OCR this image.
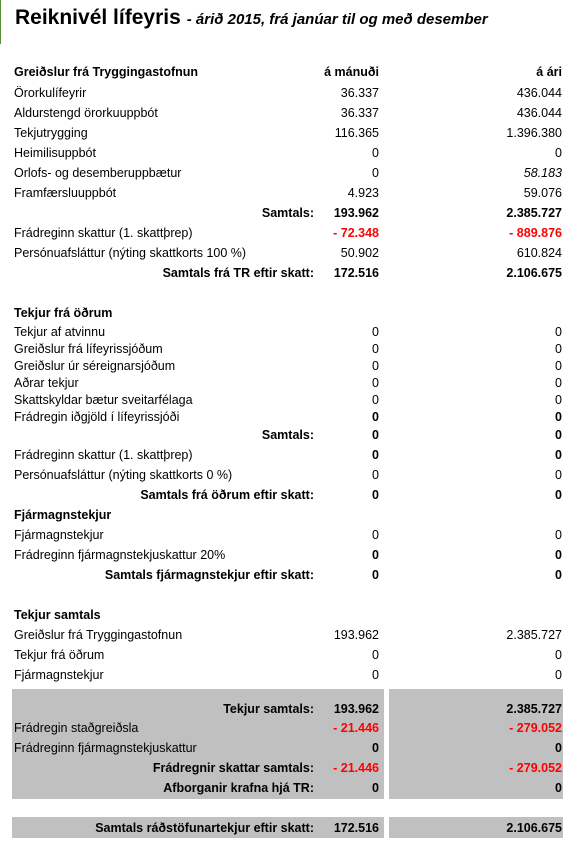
Reiknivél lífeyris - árið 2015, frá janúar til og með desember
Greiðslur frá Tryggingastofnun	á mánuði	á ári
Örorkulífeyrir	36.337	436.044
Aldurstengd örorkuuppbót	36.337	436.044
Tekjutrygging	116.365	1.396.380
Heimilisuppbót	0	0
Orlofs- og desemberuppbætur	0	58.183
Framfærsluuppbót	4.923	59.076
Samtals: 193.962	2.385.727
Frádreginn skattur (1. skattþrep)	- 72.348	- 889.876
Persónuafsláttur (nýting skattkorts 100 %)	50.902	610.824
Samtals frá TR eftir skatt: 172.516	2.106.675
Tekjur frá öðrum
Tekjur af atvinnu	0	0
Greiðslur frá lífeyrissjóðum	0	0
Greiðslur úr séreignarsjóðum	0	0
Aðrar tekjur	0	0
Skattskyldar bætur sveitarfélaga	0	0
Frádregin iðgjöld í lífeyrissjóði	0	0
Samtals:	0	0
Frádreginn skattur (1. skattþrep)	0	0
Persónuafsláttur (nýting skattkorts 0 %)	0	0
Samtals frá öðrum eftir skatt:	0	0
Fjármagnstekjur
Fjármagnstekjur	0	0
Frádreginn fjármagnstekjuskattur 20%	0	0
Samtals fjármagnstekjur eftir skatt:	0	0
Tekjur samtals
Greiðslur frá Tryggingastofnun	193.962	2.385.727
Tekjur frá öðrum	0	0
Fjármagnstekjur	0	0
Tekjur samtals: 193.962	2.385.727
Frádregin staðgreiðsla	- 21.446	- 279.052
Frádreginn fjármagnstekjuskattur	0	0
Frádregnir skattar samtals: - 21.446	- 279.052
Afborganir krafna hjá TR:	0	0
Samtals ráðstöfunartekjur eftir skatt: 172.516	2.106.675
